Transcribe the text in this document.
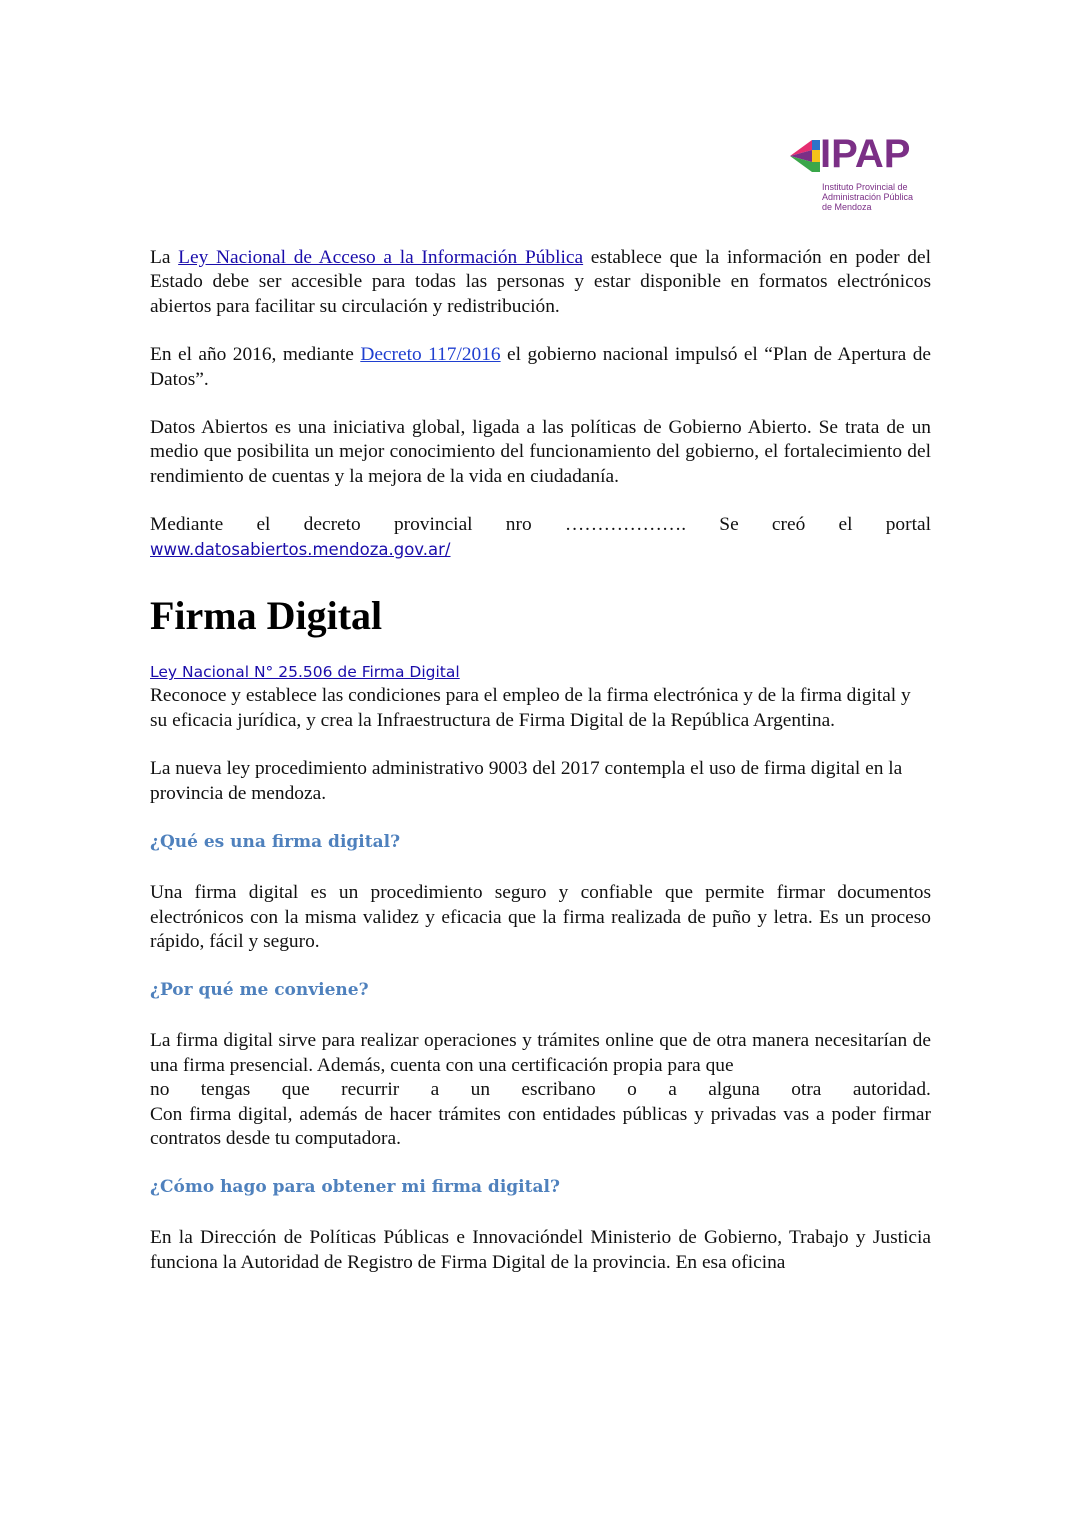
IPAP
Instituto Provincial de
Administración Pública
de Mendoza

La Ley Nacional de Acceso a la Información Pública establece que la información en poder del Estado debe ser accesible para todas las personas y estar disponible en formatos electrónicos abiertos para facilitar su circulación y redistribución.

En el año 2016, mediante Decreto 117/2016 el gobierno nacional impulsó el “Plan de Apertura de Datos”.

Datos Abiertos es una iniciativa global, ligada a las políticas de Gobierno Abierto. Se trata de un medio que posibilita un mejor conocimiento del funcionamiento del gobierno, el fortalecimiento del rendimiento de cuentas y la mejora de la vida en ciudadanía.

Mediante el decreto provincial nro ………………. Se creó el portal
www.datosabiertos.mendoza.gov.ar/
Firma Digital
Ley Nacional N° 25.506 de Firma Digital

Reconoce y establece las condiciones para el empleo de la firma electrónica y de la firma digital y su eficacia jurídica, y crea la Infraestructura de Firma Digital de la República Argentina.

La nueva ley procedimiento administrativo 9003 del 2017 contempla el uso de firma digital en la provincia de mendoza.

¿Qué es una firma digital?

Una firma digital es un procedimiento seguro y confiable que permite firmar documentos electrónicos con la misma validez y eficacia que la firma realizada de puño y letra. Es un proceso rápido, fácil y seguro.

¿Por qué me conviene?

La firma digital sirve para realizar operaciones y trámites online que de otra manera necesitarían de una firma presencial. Además, cuenta con una certificación propia para que

no tengas que recurrir a un escribano o a alguna otra autoridad.

Con firma digital, además de hacer trámites con entidades públicas y privadas vas a poder firmar contratos desde tu computadora.

¿Cómo hago para obtener mi firma digital?

En la Dirección de Políticas Públicas e Innovacióndel Ministerio de Gobierno, Trabajo y Justicia funciona la Autoridad de Registro de Firma Digital de la provincia. En esa oficina
